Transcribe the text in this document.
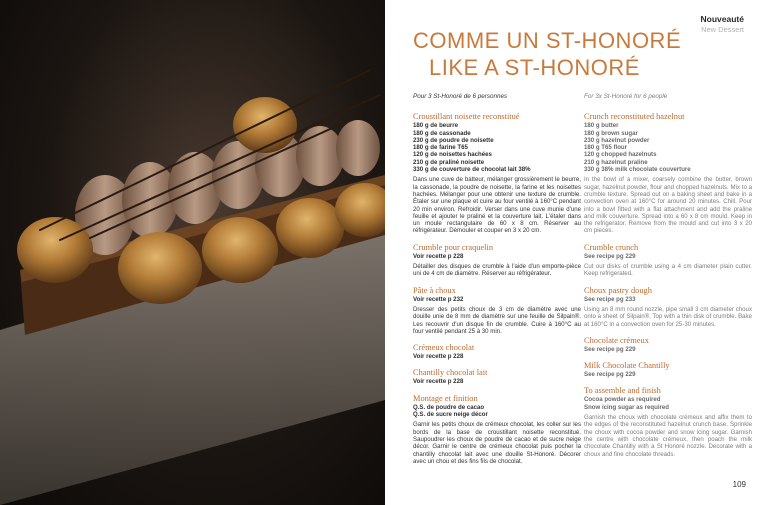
Nouveauté
New Dessert
COMME UN ST-HONORÉ
LIKE A ST-HONORÉ
Pour 3 St-Honoré de 6 personnes
Croustillant noisette reconstitué
180 g de beurre
180 g de cassonade
230 g de poudre de noisette
180 g de farine T65
120 g de noisettes hachées
210 g de praliné noisette
330 g de couverture de chocolat lait 38%
Dans une cuve de batteur, mélanger grossièrement le beurre, la cassonade, la poudre de noisette, la farine et les noisettes hachées. Mélanger pour une obtenir une texture de crumble. Étaler sur une plaque et cuire au four ventilé à 160°C pendant 20 min environ. Refroidir. Verser dans une cuve munie d'une feuille et ajouter le praliné et la couverture lait. L'étaler dans un moule rectangulaire de 60 x 8 cm. Réserver au réfrigérateur. Démouler et couper en 3 x 20 cm.
Crumble pour craquelin
Voir recette p 228
Détailler des disques de crumble à l'aide d'un emporte-pièce uni de 4 cm de diamètre. Réserver au réfrigérateur.
Pâte à choux
Voir recette p 232
Dresser des petits choux de 3 cm de diamètre avec une douille unie de 8 mm de diamètre sur une feuille de Silpain®. Les recouvrir d'un disque fin de crumble. Cuire à 160°C au four ventilé pendant 25 à 30 min.
Crémeux chocolat
Voir recette p 228
Chantilly chocolat lait
Voir recette p 228
Montage et finition
Q.S. de poudre de cacao
Q.S. de sucre neige décor
Garnir les petits choux de crémeux chocolat, les coller sur les bords de la base de croustillant noisette reconstitué. Saupoudrer les choux de poudre de cacao et de sucre neige décor. Garnir le centre de crémeux chocolat puis pocher la chantilly chocolat lait avec une douille St-Honoré. Décorer avec un chou et des fins fils de chocolat.
For 3x St-Honoré for 6 people
Crunch reconstituted hazelnut
180 g butter
180 g brown sugar
230 g hazelnut powder
180 g T65 flour
120 g chopped hazelnuts
210 g hazelnut praline
330 g 38% milk chocolate couverture
In the bowl of a mixer, coarsely combine the butter, brown sugar, hazelnut powder, flour and chopped hazelnuts. Mix to a crumble texture. Spread out on a baking sheet and bake in a convection oven at 160°C for around 20 minutes. Chill. Pour into a bowl fitted with a flat attachment and add the praline and milk couverture. Spread into a 60 x 8 cm mould. Keep in the refrigerator. Remove from the mould and cut into 3 x 20 cm pieces.
Crumble crunch
See recipe pg 229
Cut out disks of crumble using a 4 cm diameter plain cutter. Keep refrigerated.
Choux pastry dough
See recipe pg 233
Using an 8 mm round nozzle, pipe small 3 cm diameter choux onto a sheet of Silpain®. Top with a thin disk of crumble. Bake at 160°C in a convection oven for 25-30 minutes.
Chocolate crémeux
See recipe pg 229
Milk Chocolate Chantilly
See recipe pg 229
To assemble and finish
Cocoa powder as required
Snow icing sugar as required
Garnish the choux with chocolate crémeux and affix them to the edges of the reconstituted hazelnut crunch base. Sprinkle the choux with cocoa powder and snow icing sugar. Garnish the centre with chocolate crémeux, then poach the milk chocolate Chantilly with a St Honoré nozzle. Decorate with a choux and fine chocolate threads.
109
